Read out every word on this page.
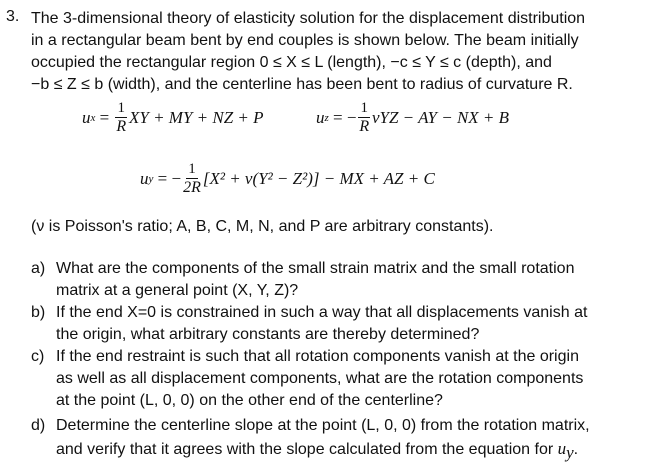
3. The 3-dimensional theory of elasticity solution for the displacement distribution
in a rectangular beam bent by end couples is shown below. The beam initially
occupied the rectangular region 0 ≤ X ≤ L (length), −c ≤ Y ≤ c (depth), and
−b ≤ Z ≤ b (width), and the centerline has been bent to radius of curvature R.
u $x = \frac{1}{R}$ XY + MY + NZ + P	u z = − $\frac{1}{R}$ νYZ − AY − NX + B
u y = − $\frac{1}{2R} [X^2 + \nu(Y^2 - Z^2)]$ − MX + AZ + C
(ν is Poisson's ratio; A, B, C, M, N, and P are arbitrary constants).
a) What are the components of the small strain matrix and the small rotation
matrix at a general point (X, Y, Z)?
b) If the end X=0 is constrained in such a way that all displacements vanish at
the origin, what arbitrary constants are thereby determined?
c) If the end restraint is such that all rotation components vanish at the origin
as well as all displacement components, what are the rotation components
at the point (L, 0, 0) on the other end of the centerline?
d) Determine the centerline slope at the point (L, 0, 0) from the rotation matrix,
and verify that it agrees with the slope calculated from the equation for $u_y$.
